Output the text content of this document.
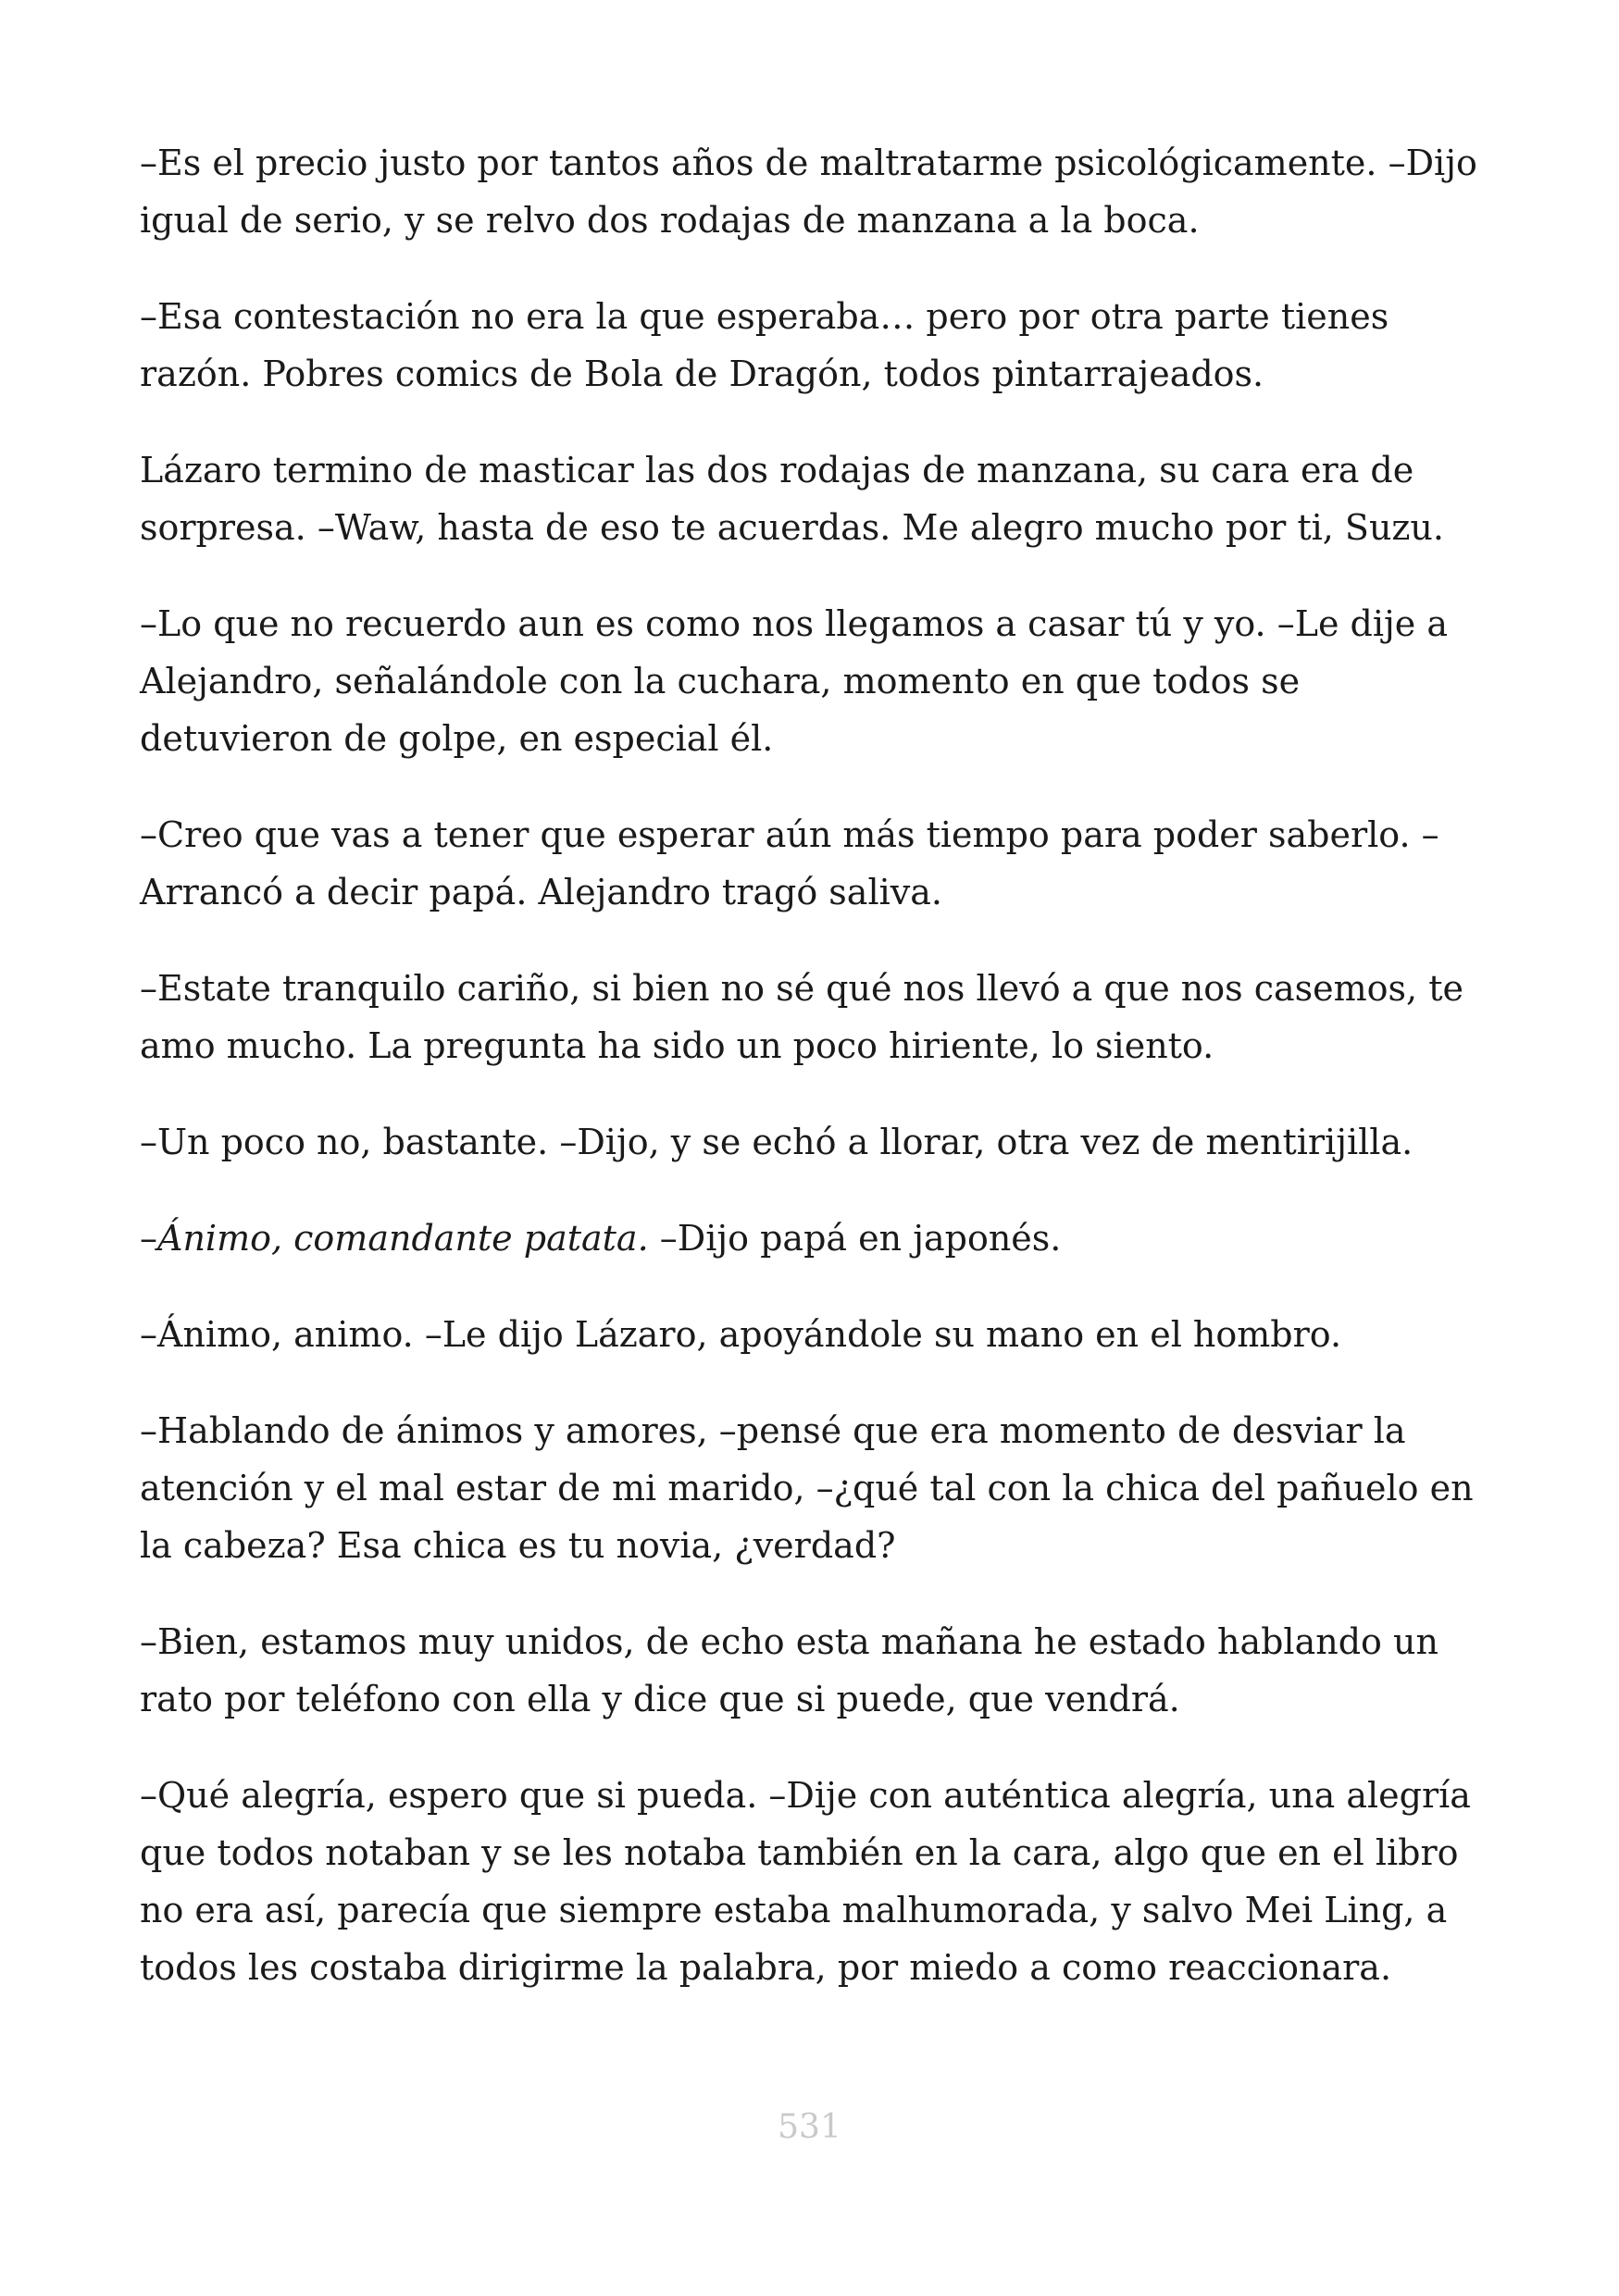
–Es el precio justo por tantos años de maltratarme psicológicamente. –Dijo igual de serio, y se relvo dos rodajas de manzana a la boca.

–Esa contestación no era la que esperaba… pero por otra parte tienes razón. Pobres comics de Bola de Dragón, todos pintarrajeados.

Lázaro termino de masticar las dos rodajas de manzana, su cara era de sorpresa. –Waw, hasta de eso te acuerdas. Me alegro mucho por ti, Suzu.

–Lo que no recuerdo aun es como nos llegamos a casar tú y yo. –Le dije a Alejandro, señalándole con la cuchara, momento en que todos se detuvieron de golpe, en especial él.

–Creo que vas a tener que esperar aún más tiempo para poder saberlo. –Arrancó a decir papá. Alejandro tragó saliva.

–Estate tranquilo cariño, si bien no sé qué nos llevó a que nos casemos, te amo mucho. La pregunta ha sido un poco hiriente, lo siento.

–Un poco no, bastante. –Dijo, y se echó a llorar, otra vez de mentirijilla.

–Ánimo, comandante patata. –Dijo papá en japonés.

–Ánimo, animo. –Le dijo Lázaro, apoyándole su mano en el hombro.

–Hablando de ánimos y amores, –pensé que era momento de desviar la atención y el mal estar de mi marido, –¿qué tal con la chica del pañuelo en la cabeza? Esa chica es tu novia, ¿verdad?

–Bien, estamos muy unidos, de echo esta mañana he estado hablando un rato por teléfono con ella y dice que si puede, que vendrá.

–Qué alegría, espero que si pueda. –Dije con auténtica alegría, una alegría que todos notaban y se les notaba también en la cara, algo que en el libro no era así, parecía que siempre estaba malhumorada, y salvo Mei Ling, a todos les costaba dirigirme la palabra, por miedo a como reaccionara.

531
